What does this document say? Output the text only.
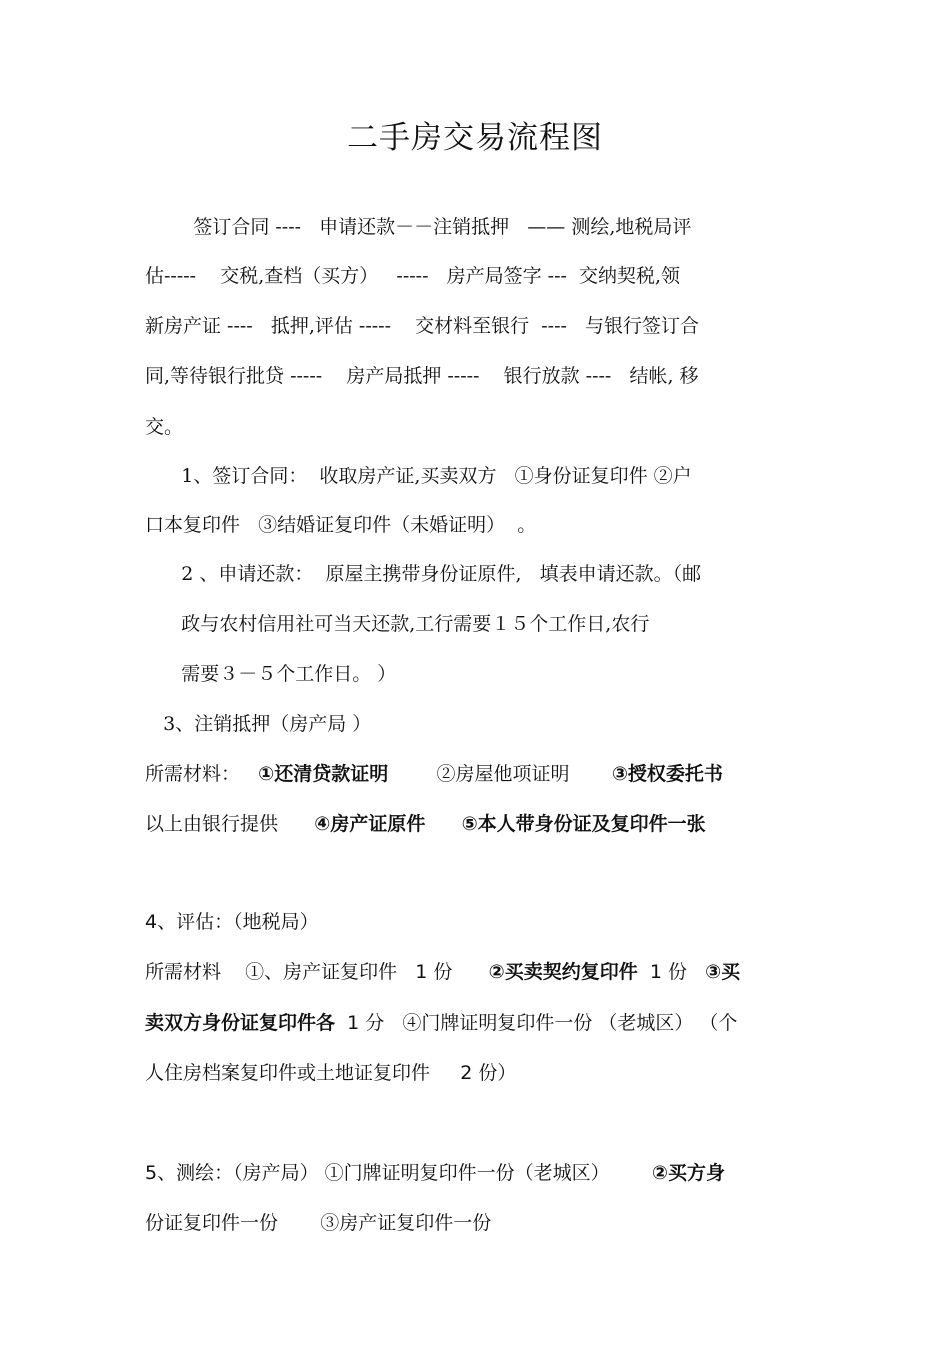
二手房交易流程图
签订合同 ----   申请还款－－注销抵押   —— 测绘,地税局评
估-----    交税,查档（买方）   -----   房产局签字 ---  交纳契税,领
新房产证 ----   抵押,评估 -----    交材料至银行  ----   与银行签订合
同,等待银行批贷 -----    房产局抵押 -----    银行放款 ----   结帐, 移
交。
1、签订合同：  收取房产证,买卖双方   ①身份证复印件 ②户
口本复印件   ③结婚证复印件（未婚证明）  。
2 、申请还款：  原屋主携带身份证原件,   填表申请还款。（邮
政与农村信用社可当天还款,工行需要１５个工作日,农行
需要３－５个工作日。 ）
3、注销抵押（房产局 ）
所需材料：   ①还清贷款证明        ②房屋他项证明       ③授权委托书
以上由银行提供      ④房产证原件 ⑤本人带身份证及复印件一张
4、评估：（地税局）
所需材料    ①、房产证复印件   1 份      ②买卖契约复印件  1 份   ③买
卖双方身份证复印件各  1 分   ④门牌证明复印件一份 （老城区） （个
人住房档案复印件或土地证复印件     2 份）
5、测绘：（房产局） ①门牌证明复印件一份（老城区）       ②买方身
份证复印件一份       ③房产证复印件一份
